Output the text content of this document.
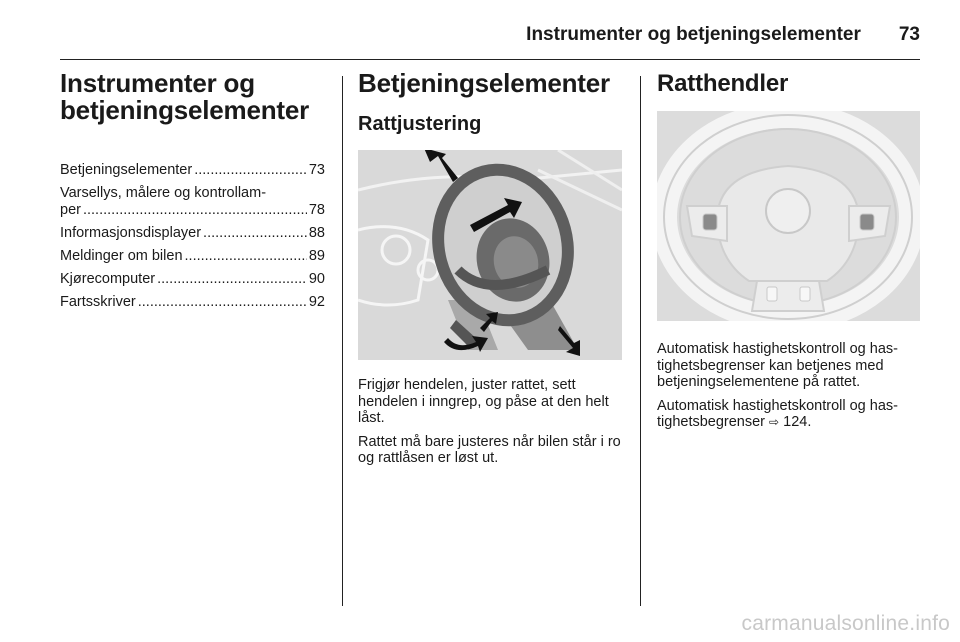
Instrumenter og betjeningselementer 73
Instrumenter og
betjeningselementer
Betjeningselementer .....	73
Varsellys, målere og kontrollam-
per .....	78
Informasjonsdisplayer .....	88
Meldinger om bilen .....	89
Kjørecomputer .....	90
Fartsskriver .....	92
Betjeningselementer
Rattjustering

Frigjør hendelen, juster rattet, sett hendelen i inngrep, og påse at den helt låst.

Rattet må bare justeres når bilen står i ro og rattlåsen er løst ut.

Ratthendler

Automatisk hastighetskontroll og hastighetsbegrenser kan betjenes med betjeningselementene på rattet.

Automatisk hastighetskontroll og hastighetsbegrenser ⇨ 124.

carmanualsonline.info
